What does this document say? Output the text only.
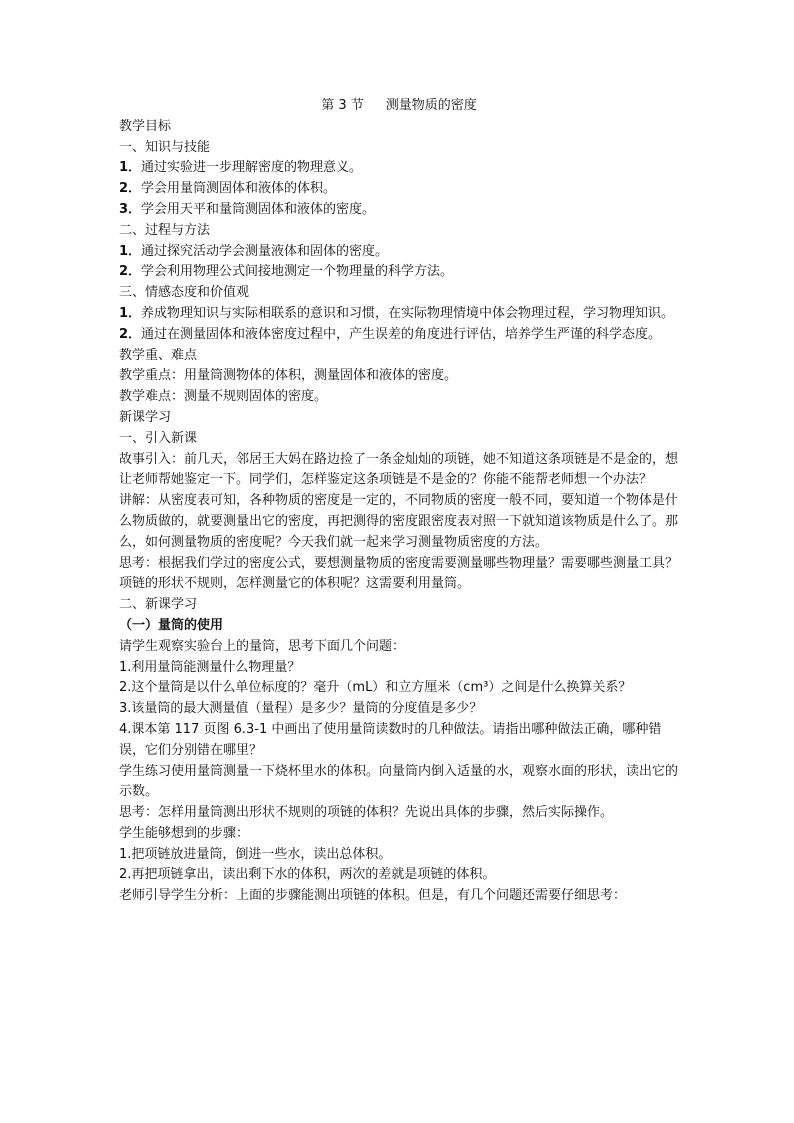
第 3 节 测量物质的密度

教学目标

一、知识与技能

1．通过实验进一步理解密度的物理意义。

2．学会用量筒测固体和液体的体积。

3．学会用天平和量筒测固体和液体的密度。

二、过程与方法

1．通过探究活动学会测量液体和固体的密度。

2．学会利用物理公式间接地测定一个物理量的科学方法。

三、情感态度和价值观

1．养成物理知识与实际相联系的意识和习惯，在实际物理情境中体会物理过程，学习物理知识。

2．通过在测量固体和液体密度过程中，产生误差的角度进行评估，培养学生严谨的科学态度。

教学重、难点

教学重点：用量筒测物体的体积，测量固体和液体的密度。

教学难点：测量不规则固体的密度。

新课学习

一、引入新课

故事引入：前几天，邻居王大妈在路边捡了一条金灿灿的项链，她不知道这条项链是不是金的，想让老师帮她鉴定一下。同学们，怎样鉴定这条项链是不是金的？你能不能帮老师想一个办法？

讲解：从密度表可知，各种物质的密度是一定的，不同物质的密度一般不同，要知道一个物体是什么物质做的，就要测量出它的密度，再把测得的密度跟密度表对照一下就知道该物质是什么了。那么，如何测量物质的密度呢？今天我们就一起来学习测量物质密度的方法。

思考：根据我们学过的密度公式，要想测量物质的密度需要测量哪些物理量？需要哪些测量工具？

项链的形状不规则，怎样测量它的体积呢？这需要利用量筒。

二、新课学习

（一）量筒的使用

请学生观察实验台上的量筒，思考下面几个问题：

1.利用量筒能测量什么物理量？

2.这个量筒是以什么单位标度的？毫升（mL）和立方厘米（cm³）之间是什么换算关系？

3.该量筒的最大测量值（量程）是多少？量筒的分度值是多少？

4.课本第 117 页图 6.3-1 中画出了使用量筒读数时的几种做法。请指出哪种做法正确，哪种错误，它们分别错在哪里？

学生练习使用量筒测量一下烧杯里水的体积。向量筒内倒入适量的水，观察水面的形状，读出它的示数。

思考：怎样用量筒测出形状不规则的项链的体积？先说出具体的步骤，然后实际操作。

学生能够想到的步骤：

1.把项链放进量筒，倒进一些水，读出总体积。

2.再把项链拿出，读出剩下水的体积，两次的差就是项链的体积。

老师引导学生分析：上面的步骤能测出项链的体积。但是，有几个问题还需要仔细思考：
